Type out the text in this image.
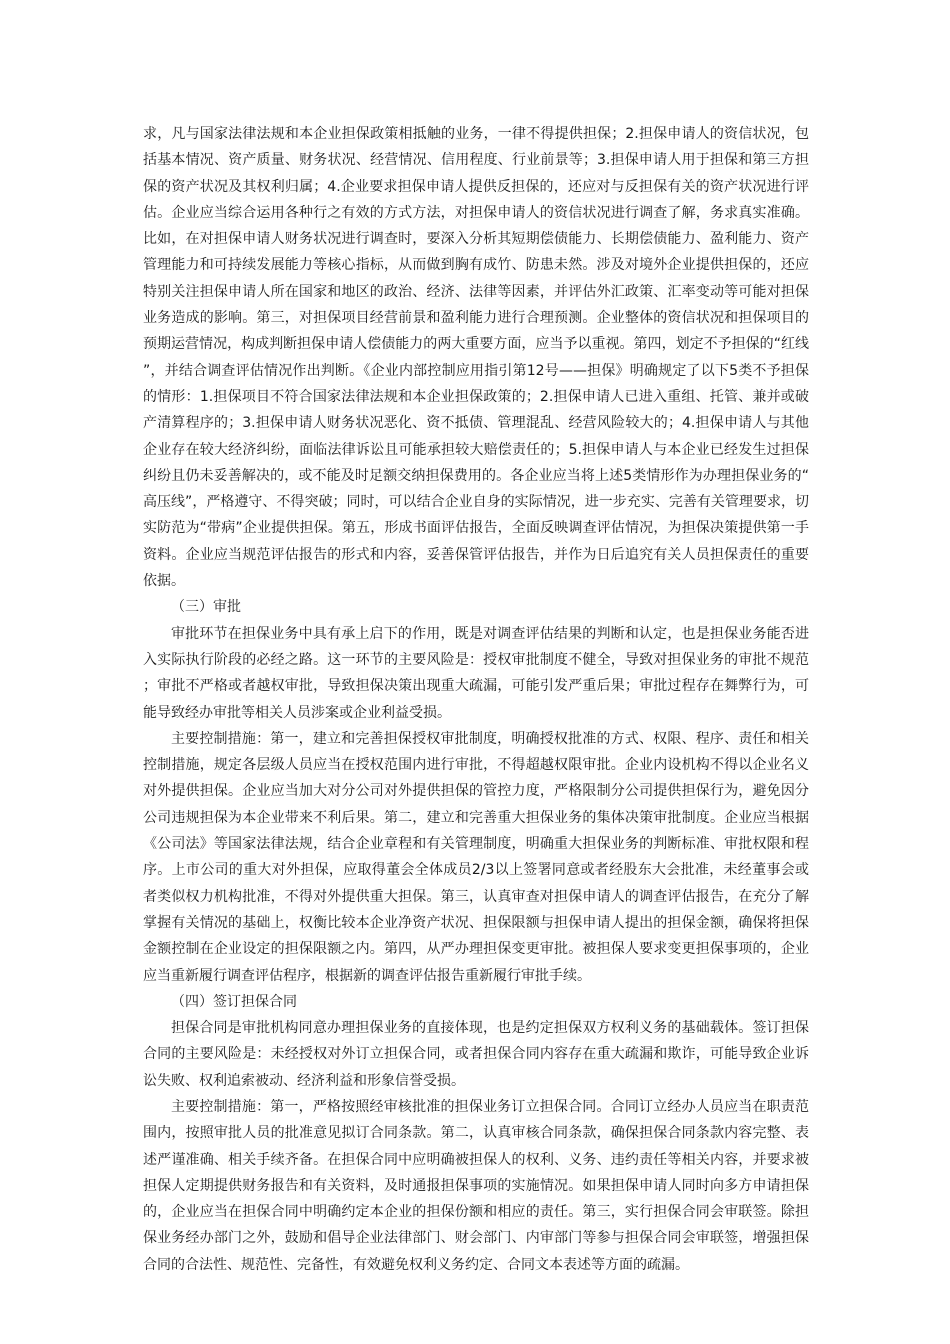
求，凡与国家法律法规和本企业担保政策相抵触的业务，一律不得提供担保；2.担保申请人的资信状况，包括基本情况、资产质量、财务状况、经营情况、信用程度、行业前景等；3.担保申请人用于担保和第三方担保的资产状况及其权利归属；4.企业要求担保申请人提供反担保的，还应对与反担保有关的资产状况进行评估。企业应当综合运用各种行之有效的方式方法，对担保申请人的资信状况进行调查了解，务求真实准确。比如，在对担保申请人财务状况进行调查时，要深入分析其短期偿债能力、长期偿债能力、盈利能力、资产管理能力和可持续发展能力等核心指标，从而做到胸有成竹、防患未然。涉及对境外企业提供担保的，还应特别关注担保申请人所在国家和地区的政治、经济、法律等因素，并评估外汇政策、汇率变动等可能对担保业务造成的影响。第三，对担保项目经营前景和盈利能力进行合理预测。企业整体的资信状况和担保项目的预期运营情况，构成判断担保申请人偿债能力的两大重要方面，应当予以重视。第四，划定不予担保的“红线”，并结合调查评估情况作出判断。《企业内部控制应用指引第12号——担保》明确规定了以下5类不予担保的情形：1.担保项目不符合国家法律法规和本企业担保政策的；2.担保申请人已进入重组、托管、兼并或破产清算程序的；3.担保申请人财务状况恶化、资不抵债、管理混乱、经营风险较大的；4.担保申请人与其他企业存在较大经济纠纷，面临法律诉讼且可能承担较大赔偿责任的；5.担保申请人与本企业已经发生过担保纠纷且仍未妥善解决的，或不能及时足额交纳担保费用的。各企业应当将上述5类情形作为办理担保业务的“高压线”，严格遵守、不得突破；同时，可以结合企业自身的实际情况，进一步充实、完善有关管理要求，切实防范为“带病”企业提供担保。第五，形成书面评估报告，全面反映调查评估情况，为担保决策提供第一手资料。企业应当规范评估报告的形式和内容，妥善保管评估报告，并作为日后追究有关人员担保责任的重要依据。

（三）审批

审批环节在担保业务中具有承上启下的作用，既是对调查评估结果的判断和认定，也是担保业务能否进入实际执行阶段的必经之路。这一环节的主要风险是：授权审批制度不健全，导致对担保业务的审批不规范；审批不严格或者越权审批，导致担保决策出现重大疏漏，可能引发严重后果；审批过程存在舞弊行为，可能导致经办审批等相关人员涉案或企业利益受损。

主要控制措施：第一，建立和完善担保授权审批制度，明确授权批准的方式、权限、程序、责任和相关控制措施，规定各层级人员应当在授权范围内进行审批，不得超越权限审批。企业内设机构不得以企业名义对外提供担保。企业应当加大对分公司对外提供担保的管控力度，严格限制分公司提供担保行为，避免因分公司违规担保为本企业带来不利后果。第二，建立和完善重大担保业务的集体决策审批制度。企业应当根据《公司法》等国家法律法规，结合企业章程和有关管理制度，明确重大担保业务的判断标准、审批权限和程序。上市公司的重大对外担保，应取得董会全体成员2/3以上签署同意或者经股东大会批准，未经董事会或者类似权力机构批准，不得对外提供重大担保。第三，认真审查对担保申请人的调查评估报告，在充分了解掌握有关情况的基础上，权衡比较本企业净资产状况、担保限额与担保申请人提出的担保金额，确保将担保金额控制在企业设定的担保限额之内。第四，从严办理担保变更审批。被担保人要求变更担保事项的，企业应当重新履行调查评估程序，根据新的调查评估报告重新履行审批手续。

（四）签订担保合同

担保合同是审批机构同意办理担保业务的直接体现，也是约定担保双方权利义务的基础载体。签订担保合同的主要风险是：未经授权对外订立担保合同，或者担保合同内容存在重大疏漏和欺诈，可能导致企业诉讼失败、权利追索被动、经济利益和形象信誉受损。

主要控制措施：第一，严格按照经审核批准的担保业务订立担保合同。合同订立经办人员应当在职责范围内，按照审批人员的批准意见拟订合同条款。第二，认真审核合同条款，确保担保合同条款内容完整、表述严谨准确、相关手续齐备。在担保合同中应明确被担保人的权利、义务、违约责任等相关内容，并要求被担保人定期提供财务报告和有关资料，及时通报担保事项的实施情况。如果担保申请人同时向多方申请担保的，企业应当在担保合同中明确约定本企业的担保份额和相应的责任。第三，实行担保合同会审联签。除担保业务经办部门之外，鼓励和倡导企业法律部门、财会部门、内审部门等参与担保合同会审联签，增强担保合同的合法性、规范性、完备性，有效避免权利义务约定、合同文本表述等方面的疏漏。
